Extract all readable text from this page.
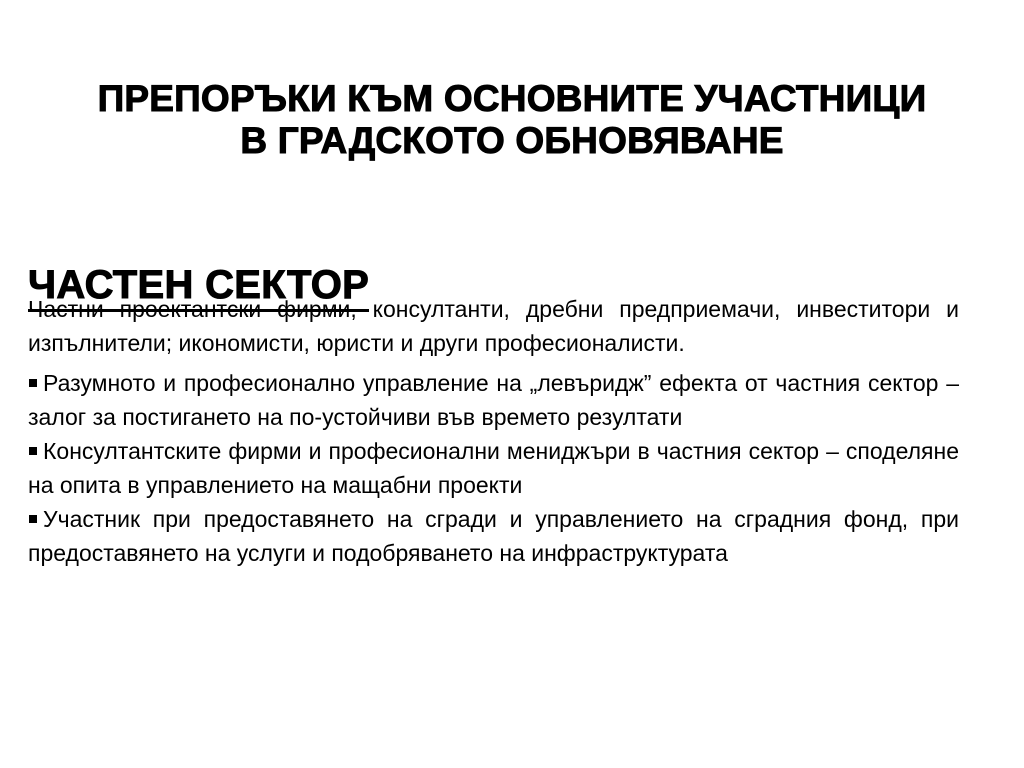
ПРЕПОРЪКИ КЪМ ОСНОВНИТЕ УЧАСТНИЦИ
В ГРАДСКОТО ОБНОВЯВАНЕ
ЧАСТЕН СЕКТОР

Частни проектантски фирми, консултанти, дребни предприемачи, инвеститори и изпълнители; икономисти, юристи и други професионалисти.

Разумното и професионално управление на „левъридж” ефекта от частния сектор – залог за постигането на по-устойчиви във времето резултати
Консултантските фирми и професионални мениджъри в частния сектор – споделяне на опита в управлението на мащабни проекти
Участник при предоставянето на сгради и управлението на сградния фонд, при предоставянето на услуги и подобряването на инфраструктурата
